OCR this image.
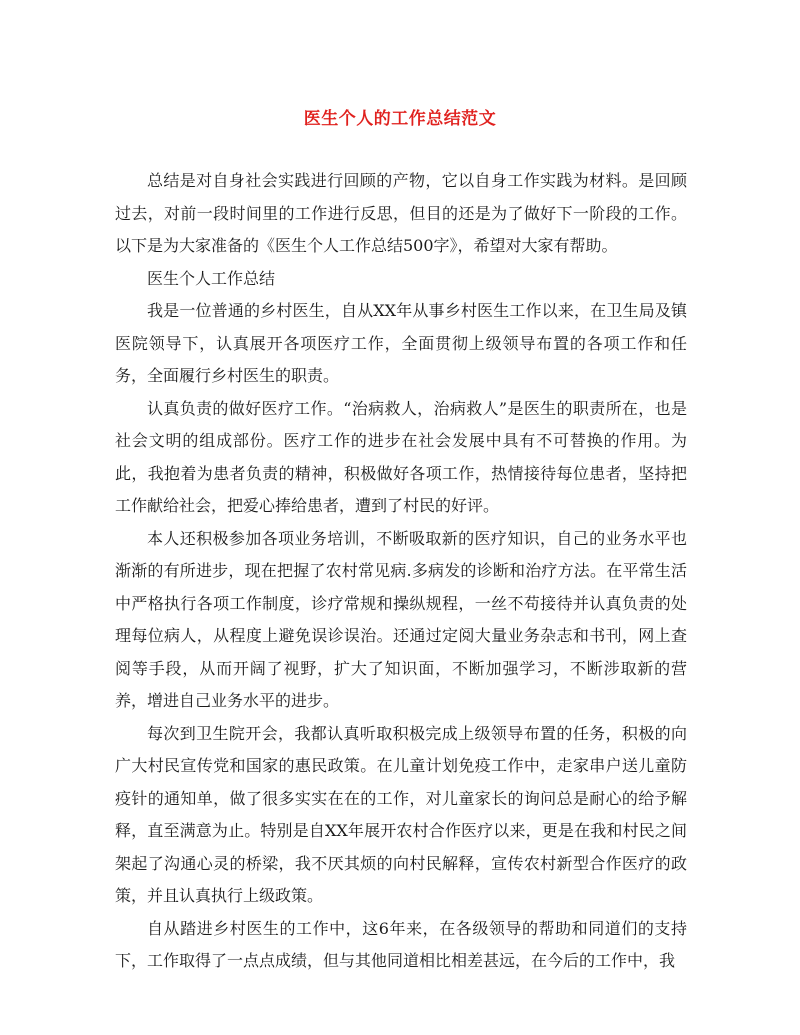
医生个人的工作总结范文

总结是对自身社会实践进行回顾的产物，它以自身工作实践为材料。是回顾过去，对前一段时间里的工作进行反思，但目的还是为了做好下一阶段的工作。以下是为大家准备的《医生个人工作总结500字》，希望对大家有帮助。

医生个人工作总结

我是一位普通的乡村医生，自从XX年从事乡村医生工作以来，在卫生局及镇医院领导下，认真展开各项医疗工作，全面贯彻上级领导布置的各项工作和任务，全面履行乡村医生的职责。

认真负责的做好医疗工作。“治病救人，治病救人”是医生的职责所在，也是社会文明的组成部份。医疗工作的进步在社会发展中具有不可替换的作用。为此，我抱着为患者负责的精神，积极做好各项工作，热情接待每位患者，坚持把工作献给社会，把爱心捧给患者，遭到了村民的好评。

本人还积极参加各项业务培训，不断吸取新的医疗知识，自己的业务水平也渐渐的有所进步，现在把握了农村常见病.多病发的诊断和治疗方法。在平常生活中严格执行各项工作制度，诊疗常规和操纵规程，一丝不苟接待并认真负责的处理每位病人，从程度上避免误诊误治。还通过定阅大量业务杂志和书刊，网上查阅等手段，从而开阔了视野，扩大了知识面，不断加强学习，不断涉取新的营养，增进自己业务水平的进步。

每次到卫生院开会，我都认真听取积极完成上级领导布置的任务，积极的向广大村民宣传党和国家的惠民政策。在儿童计划免疫工作中，走家串户送儿童防疫针的通知单，做了很多实实在在的工作，对儿童家长的询问总是耐心的给予解释，直至满意为止。特别是自XX年展开农村合作医疗以来，更是在我和村民之间架起了沟通心灵的桥梁，我不厌其烦的向村民解释，宣传农村新型合作医疗的政策，并且认真执行上级政策。

自从踏进乡村医生的工作中，这6年来，在各级领导的帮助和同道们的支持下，工作取得了一点点成绩，但与其他同道相比相差甚远，在今后的工作中，我
